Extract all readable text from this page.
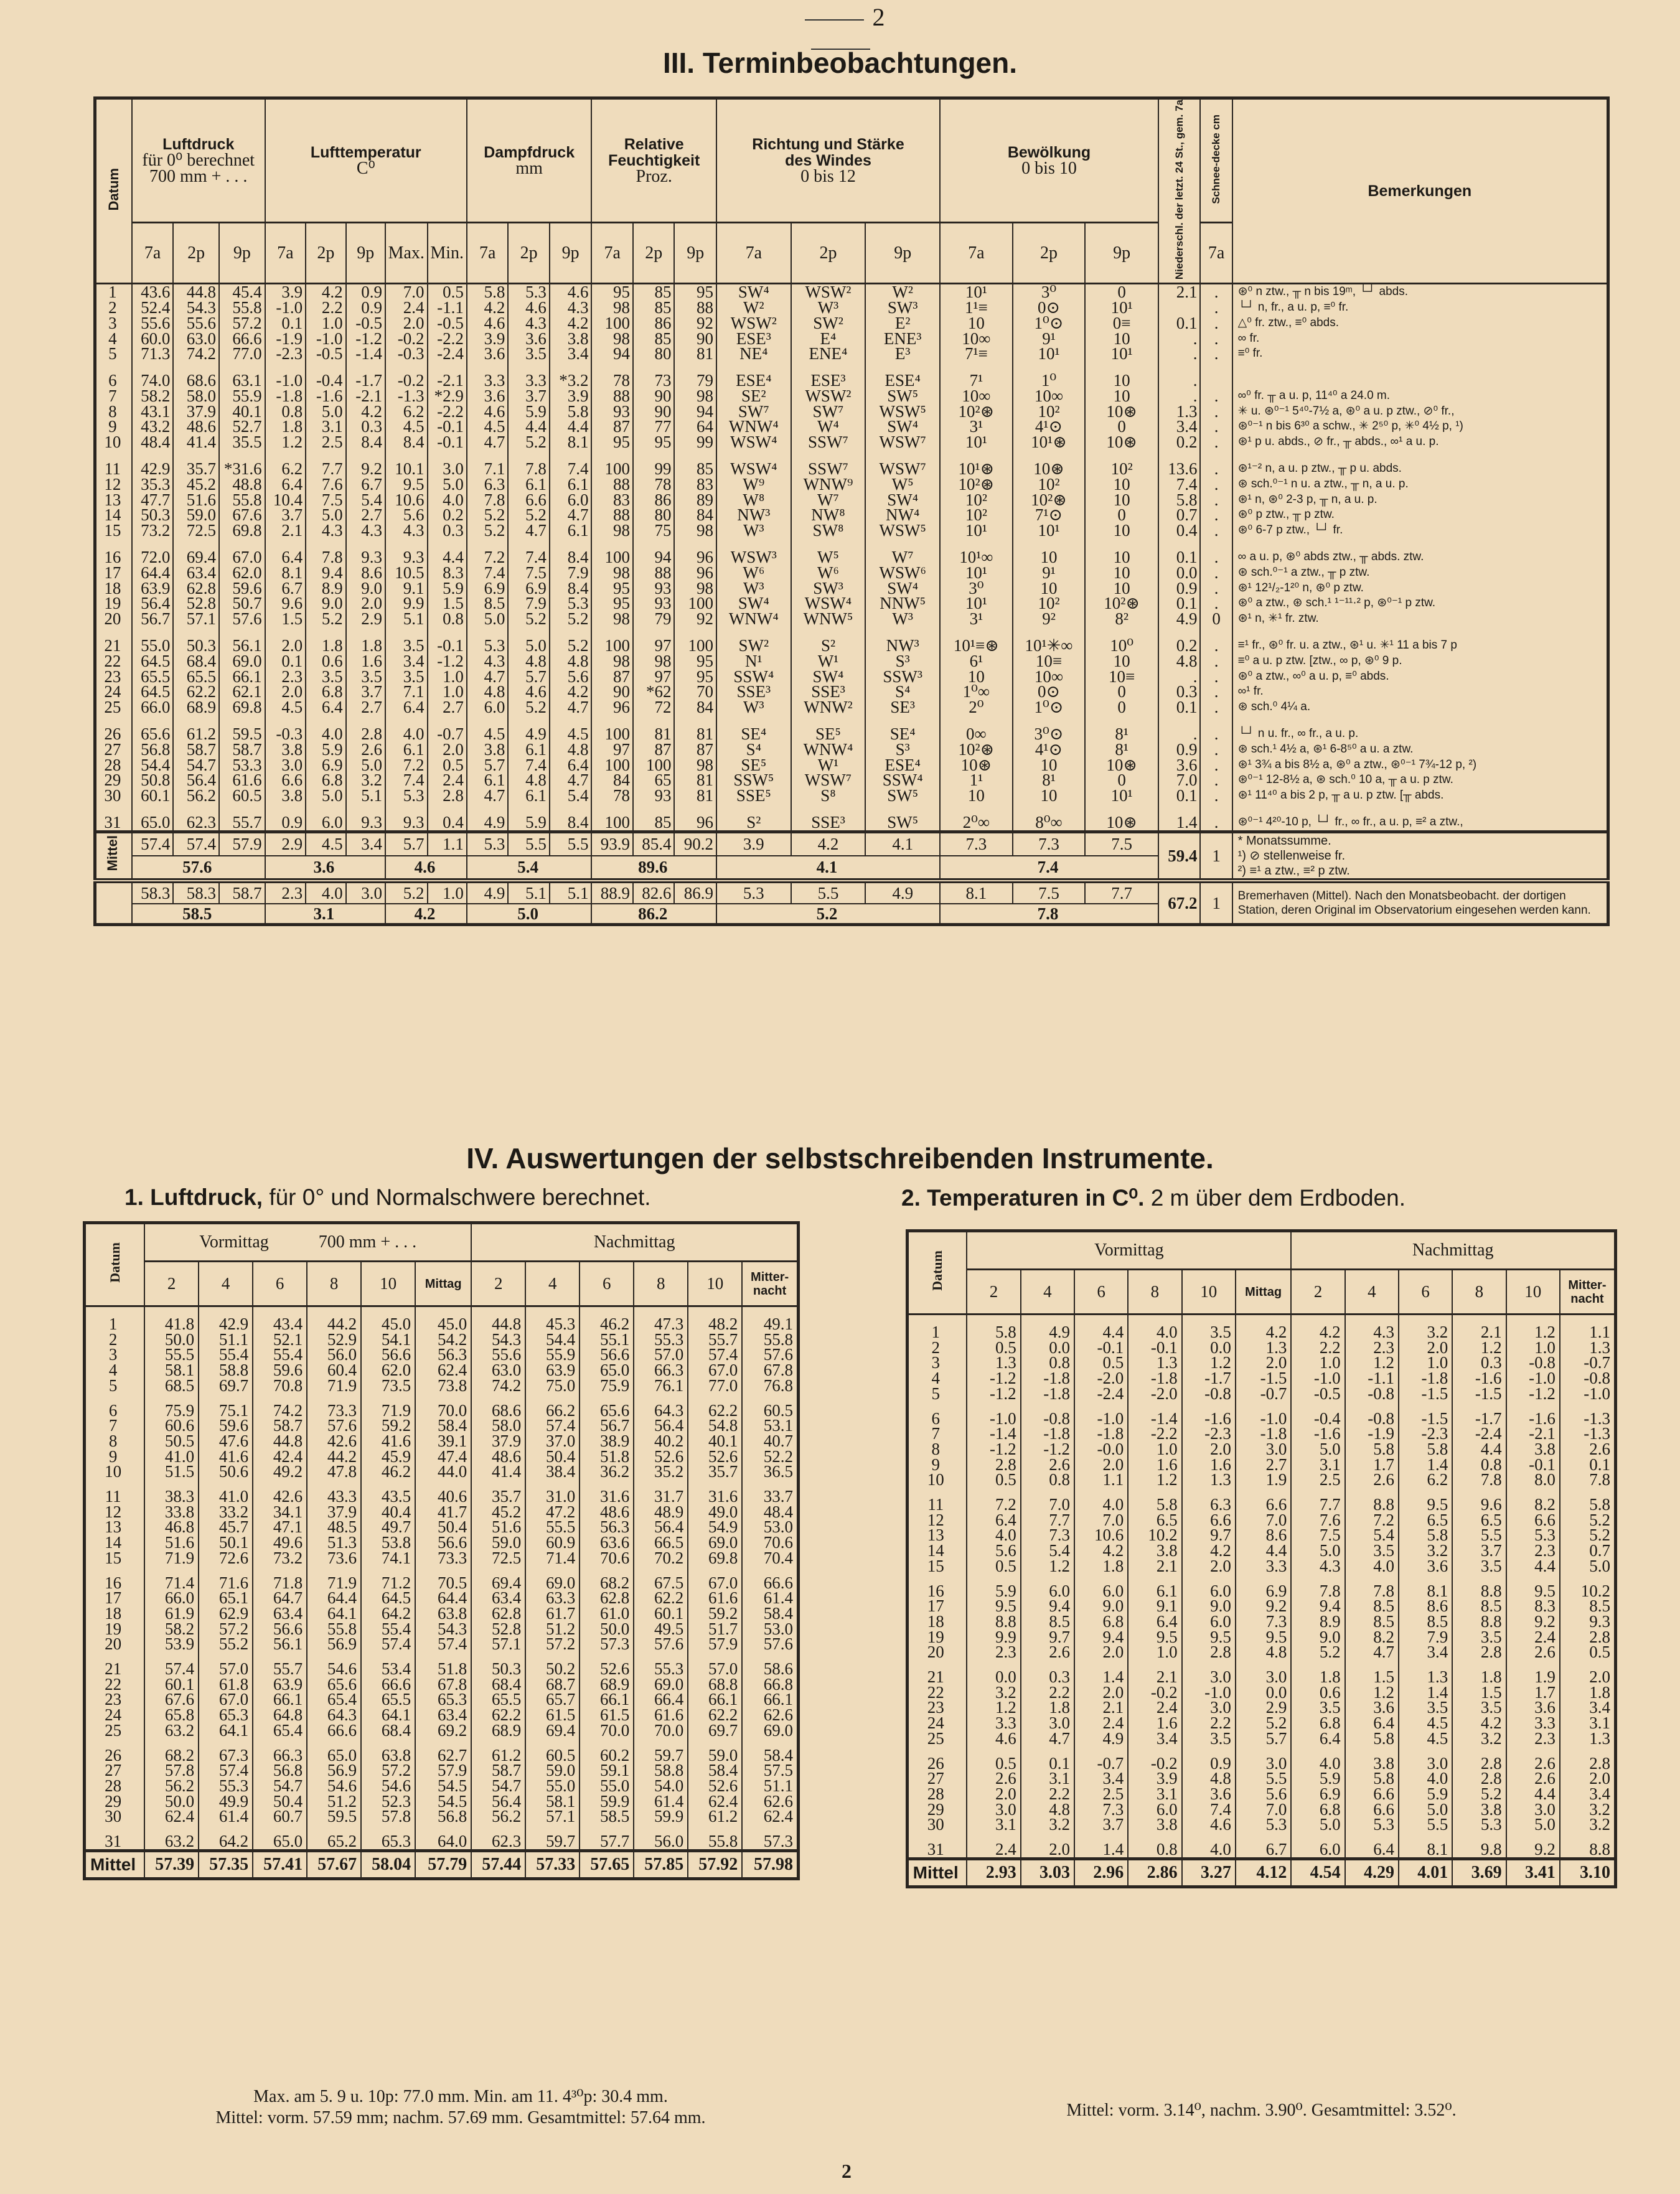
2
III. Terminbeobachtungen.
Datum	Luftdruck
für 0⁰ berechnet
700 mm + . . .			Lufttemperatur
C⁰					Dampfdruck
mm			Relative
Feuchtigkeit
Proz.			Richtung und Stärke
des Windes
0 bis 12			Bewölkung
0 bis 10			Niederschl. der letzt. 24 St., gem. 7a	Schnee-decke cm	Bemerkungen
	7a	2p	9p	7a	2p	9p	Max.	Min.	7a	2p	9p	7a	2p	9p	7a	2p	9p	7a	2p	9p		7a	
1	43.6	44.8	45.4	3.9	4.2	0.9	7.0	0.5	5.8	5.3	4.6	95	85	95	SW⁴	WSW²	W²	10¹	3⁰	0	2.1	.	⊛⁰ n ztw., ╥ n bis 19ᵐ, └┘ abds.
2	52.4	54.3	55.8	-1.0	2.2	0.9	2.4	-1.1	4.2	4.6	4.3	98	85	88	W²	W³	SW³	1¹≡	0⊙	10¹		.	└┘ n, fr., a u. p, ≡⁰ fr.
3	55.6	55.6	57.2	0.1	1.0	-0.5	2.0	-0.5	4.6	4.3	4.2	100	86	92	WSW²	SW²	E²	10	1⁰⊙	0≡	0.1	.	△⁰ fr. ztw., ≡⁰ abds.
4	60.0	63.0	66.6	-1.9	-1.0	-1.2	-0.2	-2.2	3.9	3.6	3.8	98	85	90	ESE³	E⁴	ENE³	10∞	9¹	10	.	.	∞ fr.
5	71.3	74.2	77.0	-2.3	-0.5	-1.4	-0.3	-2.4	3.6	3.5	3.4	94	80	81	NE⁴	ENE⁴	E³	7¹≡	10¹	10¹	.	.	≡⁰ fr.
6	74.0	68.6	63.1	-1.0	-0.4	-1.7	-0.2	-2.1	3.3	3.3	*3.2	78	73	79	ESE⁴	ESE³	ESE⁴	7¹	1⁰	10	.		
7	58.2	58.0	55.9	-1.8	-1.6	-2.1	-1.3	*2.9	3.6	3.7	3.9	88	90	98	SE²	WSW²	SW⁵	10∞	10∞	10	.	.	∞⁰ fr. ╥ a u. p, 11⁴⁰ a 24.0 m.
8	43.1	37.9	40.1	0.8	5.0	4.2	6.2	-2.2	4.6	5.9	5.8	93	90	94	SW⁷	SW⁷	WSW⁵	10²⊛	10²	10⊛	1.3	.	✳ u. ⊛⁰⁻¹ 5⁴⁰-7½ a, ⊛⁰ a u. p ztw., ⊘⁰ fr.,
9	43.2	48.6	52.7	1.8	3.1	0.3	4.5	-0.1	4.5	4.4	4.4	87	77	64	WNW⁴	W⁴	SW⁴	3¹	4¹⊙	0	3.4	.	⊛⁰⁻¹ n bis 6³⁰ a schw., ✳ 2⁵⁰ p, ✳⁰ 4½ p, ¹)
10	48.4	41.4	35.5	1.2	2.5	8.4	8.4	-0.1	4.7	5.2	8.1	95	95	99	WSW⁴	SSW⁷	WSW⁷	10¹	10¹⊛	10⊛	0.2	.	⊛¹ p u. abds., ⊘ fr., ╥ abds., ∞¹ a u. p.
11	42.9	35.7	*31.6	6.2	7.7	9.2	10.1	3.0	7.1	7.8	7.4	100	99	85	WSW⁴	SSW⁷	WSW⁷	10¹⊛	10⊛	10²	13.6	.	⊛¹⁻² n, a u. p ztw., ╥ p u. abds.
12	35.3	45.2	48.8	6.4	7.6	6.7	9.5	5.0	6.3	6.1	6.1	88	78	83	W⁹	WNW⁹	W⁵	10²⊛	10²	10	7.4	.	⊛ sch.⁰⁻¹ n u. a ztw., ╥ n, a u. p.
13	47.7	51.6	55.8	10.4	7.5	5.4	10.6	4.0	7.8	6.6	6.0	83	86	89	W⁸	W⁷	SW⁴	10²	10²⊛	10	5.8	.	⊛¹ n, ⊛⁰ 2-3 p, ╥ n, a u. p.
14	50.3	59.0	67.6	3.7	5.0	2.7	5.6	0.2	5.2	5.2	4.7	88	80	84	NW³	NW⁸	NW⁴	10²	7¹⊙	0	0.7	.	⊛⁰ p ztw., ╥ p ztw.
15	73.2	72.5	69.8	2.1	4.3	4.3	4.3	0.3	5.2	4.7	6.1	98	75	98	W³	SW⁸	WSW⁵	10¹	10¹	10	0.4	.	⊛⁰ 6-7 p ztw., └┘ fr.
16	72.0	69.4	67.0	6.4	7.8	9.3	9.3	4.4	7.2	7.4	8.4	100	94	96	WSW³	W⁵	W⁷	10¹∞	10	10	0.1	.	∞ a u. p, ⊛⁰ abds ztw., ╥ abds. ztw.
17	64.4	63.4	62.0	8.1	9.4	8.6	10.5	8.3	7.4	7.5	7.9	98	88	96	W⁶	W⁶	WSW⁶	10¹	9¹	10	0.0	.	⊛ sch.⁰⁻¹ a ztw., ╥ p ztw.
18	63.9	62.8	59.6	6.7	8.9	9.0	9.1	5.9	6.9	6.9	8.4	95	93	98	W³	SW³	SW⁴	3⁰	10	10	0.9	.	⊛¹ 12¹/₂-1²⁰ n, ⊛⁰ p ztw.
19	56.4	52.8	50.7	9.6	9.0	2.0	9.9	1.5	8.5	7.9	5.3	95	93	100	SW⁴	WSW⁴	NNW⁵	10¹	10²	10²⊛	0.1	.	⊛⁰ a ztw., ⊛ sch.¹ ¹⁻¹¹·² p, ⊛⁰⁻¹ p ztw.
20	56.7	57.1	57.6	1.5	5.2	2.9	5.1	0.8	5.0	5.2	5.2	98	79	92	WNW⁴	WNW⁵	W³	3¹	9²	8²	4.9	0	⊛¹ n, ✳¹ fr. ztw.
21	55.0	50.3	56.1	2.0	1.8	1.8	3.5	-0.1	5.3	5.0	5.2	100	97	100	SW²	S²	NW³	10¹≡⊛	10¹✳∞	10⁰	0.2	.	≡¹ fr., ⊛⁰ fr. u. a ztw., ⊛¹ u. ✳¹ 11 a bis 7 p
22	64.5	68.4	69.0	0.1	0.6	1.6	3.4	-1.2	4.3	4.8	4.8	98	98	95	N¹	W¹	S³	6¹	10≡	10	4.8	.	≡⁰ a u. p ztw. [ztw., ∞ p, ⊛⁰ 9 p.
23	65.5	65.5	66.1	2.3	3.5	3.5	3.5	1.0	4.7	5.7	5.6	87	97	95	SSW⁴	SW⁴	SSW³	10	10∞	10≡	.	.	⊛⁰ a ztw., ∞⁰ a u. p, ≡⁰ abds.
24	64.5	62.2	62.1	2.0	6.8	3.7	7.1	1.0	4.8	4.6	4.2	90	*62	70	SSE³	SSE³	S⁴	1⁰∞	0⊙	0	0.3	.	∞¹ fr.
25	66.0	68.9	69.8	4.5	6.4	2.7	6.4	2.7	6.0	5.2	4.7	96	72	84	W³	WNW²	SE³	2⁰	1⁰⊙	0	0.1	.	⊛ sch.⁰ 4¼ a.
26	65.6	61.2	59.5	-0.3	4.0	2.8	4.0	-0.7	4.5	4.9	4.5	100	81	81	SE⁴	SE⁵	SE⁴	0∞	3⁰⊙	8¹	.	.	└┘ n u. fr., ∞ fr., a u. p.
27	56.8	58.7	58.7	3.8	5.9	2.6	6.1	2.0	3.8	6.1	4.8	97	87	87	S⁴	WNW⁴	S³	10²⊛	4¹⊙	8¹	0.9	.	⊛ sch.¹ 4½ a, ⊛¹ 6-8⁵⁰ a u. a ztw.
28	54.4	54.7	53.3	3.0	6.9	5.0	7.2	0.5	5.7	7.4	6.4	100	100	98	SE⁵	W¹	ESE⁴	10⊛	10	10⊛	3.6	.	⊛¹ 3¾ a bis 8½ a, ⊛⁰ a ztw., ⊛⁰⁻¹ 7¾-12 p, ²)
29	50.8	56.4	61.6	6.6	6.8	3.2	7.4	2.4	6.1	4.8	4.7	84	65	81	SSW⁵	WSW⁷	SSW⁴	1¹	8¹	0	7.0	.	⊛⁰⁻¹ 12-8½ a, ⊛ sch.⁰ 10 a, ╥ a u. p ztw.
30	60.1	56.2	60.5	3.8	5.0	5.1	5.3	2.8	4.7	6.1	5.4	78	93	81	SSE⁵	S⁸	SW⁵	10	10	10¹	0.1	.	⊛¹ 11⁴⁰ a bis 2 p, ╥ a u. p ztw. [╥ abds.
31	65.0	62.3	55.7	0.9	6.0	9.3	9.3	0.4	4.9	5.9	8.4	100	85	96	S²	SSE³	SW⁵	2⁰∞	8⁰∞	10⊛	1.4	.	⊛⁰⁻¹ 4²⁰-10 p, └┘ fr., ∞ fr., a u. p, ≡² a ztw.,
Mittel	57.4	57.4	57.9	2.9	4.5	3.4	5.7	1.1	5.3	5.5	5.5	93.9	85.4	90.2	3.9	4.2	4.1	7.3	7.3	7.5	59.4	1	* Monatssumme.
¹) ⊘ stellenweise fr.
²) ≡¹ a ztw., ≡² p ztw.

	57.6			3.6			4.6		5.4			89.6			4.1			7.4					
	58.3	58.3	58.7	2.3	4.0	3.0	5.2	1.0	4.9	5.1	5.1	88.9	82.6	86.9	5.3	5.5	4.9	8.1	7.5	7.7	67.2	1	Bremerhaven (Mittel). Nach den Monatsbeobacht. der dortigen Station, deren Original im Observatorium eingesehen werden kann.

	58.5			3.1			4.2		5.0			86.2			5.2			7.8					
IV. Auswertungen der selbstschreibenden Instrumente.
1. Luftdruck, für 0° und Normalschwere berechnet.	2. Temperaturen in C⁰. 2 m über dem Erdboden.
Datum	Vormittag 700 mm + . . .						Nachmittag					
	2	4	6	8	10	Mittag	2	4	6	8	10	Mitter-nacht
1	41.8	42.9	43.4	44.2	45.0	45.0	44.8	45.3	46.2	47.3	48.2	49.1
2	50.0	51.1	52.1	52.9	54.1	54.2	54.3	54.4	55.1	55.3	55.7	55.8
3	55.5	55.4	55.4	56.0	56.6	56.3	55.6	55.9	56.6	57.0	57.4	57.6
4	58.1	58.8	59.6	60.4	62.0	62.4	63.0	63.9	65.0	66.3	67.0	67.8
5	68.5	69.7	70.8	71.9	73.5	73.8	74.2	75.0	75.9	76.1	77.0	76.8
6	75.9	75.1	74.2	73.3	71.9	70.0	68.6	66.2	65.6	64.3	62.2	60.5
7	60.6	59.6	58.7	57.6	59.2	58.4	58.0	57.4	56.7	56.4	54.8	53.1
8	50.5	47.6	44.8	42.6	41.6	39.1	37.9	37.0	38.9	40.2	40.1	40.7
9	41.0	41.6	42.4	44.2	45.9	47.4	48.6	50.4	51.8	52.6	52.6	52.2
10	51.5	50.6	49.2	47.8	46.2	44.0	41.4	38.4	36.2	35.2	35.7	36.5
11	38.3	41.0	42.6	43.3	43.5	40.6	35.7	31.0	31.6	31.7	31.6	33.7
12	33.8	33.2	34.1	37.9	40.4	41.7	45.2	47.2	48.6	48.9	49.0	48.4
13	46.8	45.7	47.1	48.5	49.7	50.4	51.6	55.5	56.3	56.4	54.9	53.0
14	51.6	50.1	49.6	51.3	53.8	56.6	59.0	60.9	63.6	66.5	69.0	70.6
15	71.9	72.6	73.2	73.6	74.1	73.3	72.5	71.4	70.6	70.2	69.8	70.4
16	71.4	71.6	71.8	71.9	71.2	70.5	69.4	69.0	68.2	67.5	67.0	66.6
17	66.0	65.1	64.7	64.4	64.5	64.4	63.4	63.3	62.8	62.2	61.6	61.4
18	61.9	62.9	63.4	64.1	64.2	63.8	62.8	61.7	61.0	60.1	59.2	58.4
19	58.2	57.2	56.6	55.8	55.4	54.3	52.8	51.2	50.0	49.5	51.7	53.0
20	53.9	55.2	56.1	56.9	57.4	57.4	57.1	57.2	57.3	57.6	57.9	57.6
21	57.4	57.0	55.7	54.6	53.4	51.8	50.3	50.2	52.6	55.3	57.0	58.6
22	60.1	61.8	63.9	65.6	66.6	67.8	68.4	68.7	68.9	69.0	68.8	66.8
23	67.6	67.0	66.1	65.4	65.5	65.3	65.5	65.7	66.1	66.4	66.1	66.1
24	65.8	65.3	64.8	64.3	64.1	63.4	62.2	61.5	61.5	61.6	62.2	62.6
25	63.2	64.1	65.4	66.6	68.4	69.2	68.9	69.4	70.0	70.0	69.7	69.0
26	68.2	67.3	66.3	65.0	63.8	62.7	61.2	60.5	60.2	59.7	59.0	58.4
27	57.8	57.4	56.8	56.9	57.2	57.9	58.7	59.0	59.1	58.8	58.4	57.5
28	56.2	55.3	54.7	54.6	54.6	54.5	54.7	55.0	55.0	54.0	52.6	51.1
29	50.0	49.9	50.4	51.2	52.3	54.5	56.4	58.1	59.9	61.4	62.4	62.6
30	62.4	61.4	60.7	59.5	57.8	56.8	56.2	57.1	58.5	59.9	61.2	62.4
31	63.2	64.2	65.0	65.2	65.3	64.0	62.3	59.7	57.7	56.0	55.8	57.3
Mittel	57.39	57.35	57.41	57.67	58.04	57.79	57.44	57.33	57.65	57.85	57.92	57.98
Datum	Vormittag						Nachmittag					
	2	4	6	8	10	Mittag	2	4	6	8	10	Mitter-nacht
1	5.8	4.9	4.4	4.0	3.5	4.2	4.2	4.3	3.2	2.1	1.2	1.1
2	0.5	0.0	-0.1	-0.1	0.0	1.3	2.2	2.3	2.0	1.2	1.0	1.3
3	1.3	0.8	0.5	1.3	1.2	2.0	1.0	1.2	1.0	0.3	-0.8	-0.7
4	-1.2	-1.8	-2.0	-1.8	-1.7	-1.5	-1.0	-1.1	-1.8	-1.6	-1.0	-0.8
5	-1.2	-1.8	-2.4	-2.0	-0.8	-0.7	-0.5	-0.8	-1.5	-1.5	-1.2	-1.0
6	-1.0	-0.8	-1.0	-1.4	-1.6	-1.0	-0.4	-0.8	-1.5	-1.7	-1.6	-1.3
7	-1.4	-1.8	-1.8	-2.2	-2.3	-1.8	-1.6	-1.9	-2.3	-2.4	-2.1	-1.3
8	-1.2	-1.2	-0.0	1.0	2.0	3.0	5.0	5.8	5.8	4.4	3.8	2.6
9	2.8	2.6	2.0	1.6	1.6	2.7	3.1	1.7	1.4	0.8	-0.1	0.1
10	0.5	0.8	1.1	1.2	1.3	1.9	2.5	2.6	6.2	7.8	8.0	7.8
11	7.2	7.0	4.0	5.8	6.3	6.6	7.7	8.8	9.5	9.6	8.2	5.8
12	6.4	7.7	7.0	6.5	6.6	7.0	7.6	7.2	6.5	6.5	6.6	5.2
13	4.0	7.3	10.6	10.2	9.7	8.6	7.5	5.4	5.8	5.5	5.3	5.2
14	5.6	5.4	4.2	3.8	4.2	4.4	5.0	3.5	3.2	3.7	2.3	0.7
15	0.5	1.2	1.8	2.1	2.0	3.3	4.3	4.0	3.6	3.5	4.4	5.0
16	5.9	6.0	6.0	6.1	6.0	6.9	7.8	7.8	8.1	8.8	9.5	10.2
17	9.5	9.4	9.0	9.1	9.0	9.2	9.4	8.5	8.6	8.5	8.3	8.5
18	8.8	8.5	6.8	6.4	6.0	7.3	8.9	8.5	8.5	8.8	9.2	9.3
19	9.9	9.7	9.4	9.5	9.5	9.5	9.0	8.2	7.9	3.5	2.4	2.8
20	2.3	2.6	2.0	1.0	2.8	4.8	5.2	4.7	3.4	2.8	2.6	0.5
21	0.0	0.3	1.4	2.1	3.0	3.0	1.8	1.5	1.3	1.8	1.9	2.0
22	3.2	2.2	2.0	-0.2	-1.0	0.0	0.6	1.2	1.4	1.5	1.7	1.8
23	1.2	1.8	2.1	2.4	3.0	2.9	3.5	3.6	3.5	3.5	3.6	3.4
24	3.3	3.0	2.4	1.6	2.2	5.2	6.8	6.4	4.5	4.2	3.3	3.1
25	4.6	4.7	4.9	3.4	3.5	5.7	6.4	5.8	4.5	3.2	2.3	1.3
26	0.5	0.1	-0.7	-0.2	0.9	3.0	4.0	3.8	3.0	2.8	2.6	2.8
27	2.6	3.1	3.4	3.9	4.8	5.5	5.9	5.8	4.0	2.8	2.6	2.0
28	2.0	2.2	2.5	3.1	3.6	5.6	6.9	6.6	5.9	5.2	4.4	3.4
29	3.0	4.8	7.3	6.0	7.4	7.0	6.8	6.6	5.0	3.8	3.0	3.2
30	3.1	3.2	3.7	3.8	4.6	5.3	5.0	5.3	5.5	5.3	5.0	3.2
31	2.4	2.0	1.4	0.8	4.0	6.7	6.0	6.4	8.1	9.8	9.2	8.8
Mittel	2.93	3.03	2.96	2.86	3.27	4.12	4.54	4.29	4.01	3.69	3.41	3.10
Max. am 5. 9 u. 10p: 77.0 mm. Min. am 11. 4³⁰p: 30.4 mm.
Mittel: vorm. 57.59 mm; nachm. 57.69 mm. Gesamtmittel: 57.64 mm.	Mittel: vorm. 3.14⁰, nachm. 3.90⁰. Gesamtmittel: 3.52⁰.
2
